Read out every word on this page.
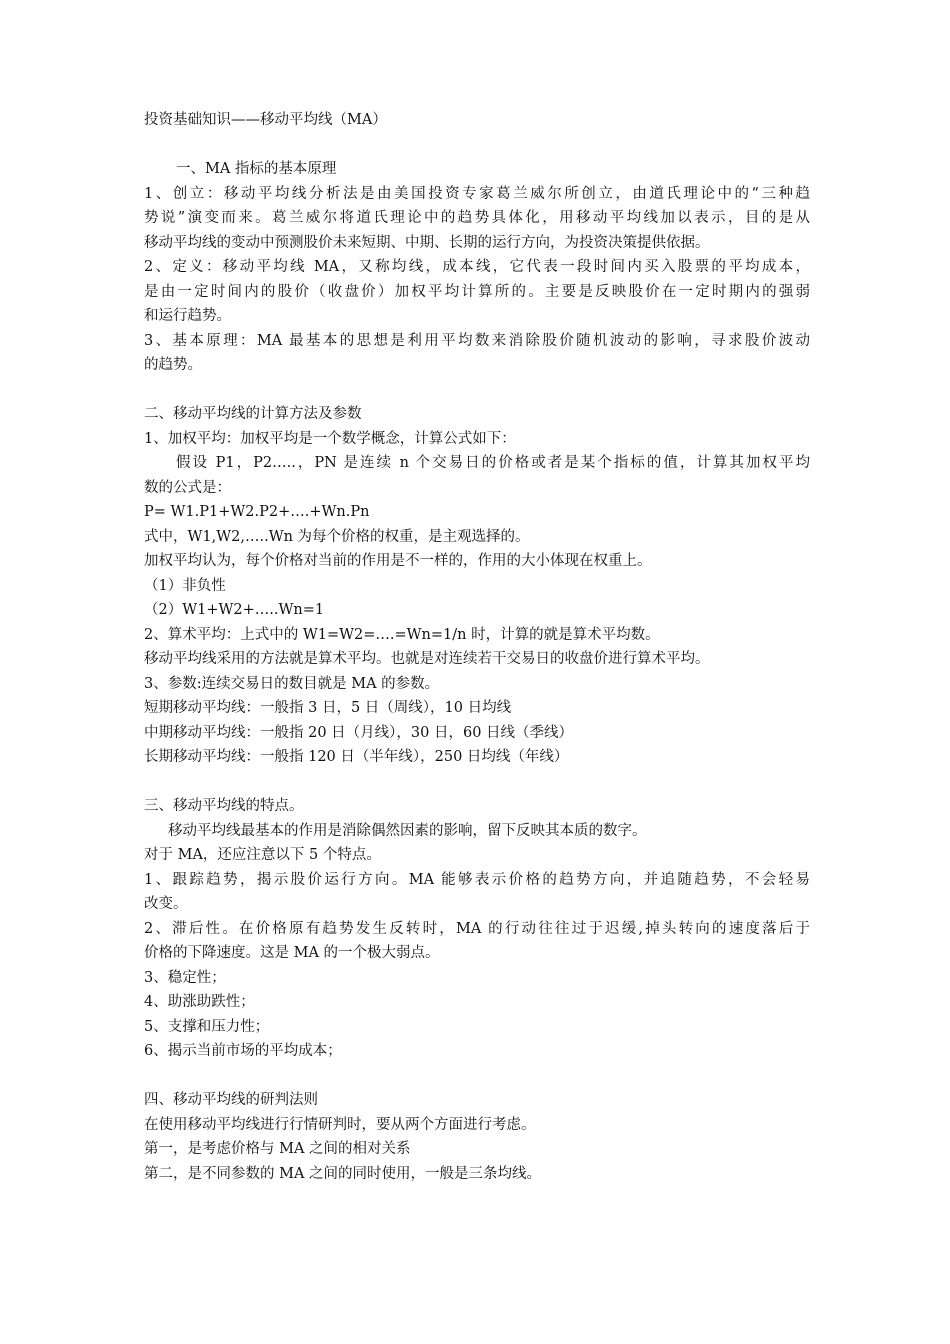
投资基础知识——移动平均线（MA）
一、MA 指标的基本原理
1、创立：移动平均线分析法是由美国投资专家葛兰威尔所创立，由道氏理论中的“三种趋
势说”演变而来。葛兰威尔将道氏理论中的趋势具体化，用移动平均线加以表示，目的是从
移动平均线的变动中预测股价未来短期、中期、长期的运行方向，为投资决策提供依据。
2、定义：移动平均线 MA，又称均线，成本线，它代表一段时间内买入股票的平均成本，
是由一定时间内的股价（收盘价）加权平均计算所的。主要是反映股价在一定时期内的强弱
和运行趋势。
3、基本原理：MA 最基本的思想是利用平均数来消除股价随机波动的影响，寻求股价波动
的趋势。
二、移动平均线的计算方法及参数
1、加权平均：加权平均是一个数学概念，计算公式如下：
假设 P1，P2…..，PN 是连续 n 个交易日的价格或者是某个指标的值，计算其加权平均
数的公式是：
P= W1.P1+W2.P2+….+Wn.Pn
式中，W1,W2,…..Wn 为每个价格的权重，是主观选择的。
加权平均认为，每个价格对当前的作用是不一样的，作用的大小体现在权重上。
（1）非负性
（2）W1+W2+…..Wn=1
2、算术平均：上式中的 W1=W2=….=Wn=1/n 时，计算的就是算术平均数。
移动平均线采用的方法就是算术平均。也就是对连续若干交易日的收盘价进行算术平均。
3、参数:连续交易日的数目就是 MA 的参数。
短期移动平均线：一般指 3 日，5 日（周线），10 日均线
中期移动平均线：一般指 20 日（月线），30 日，60 日线（季线）
长期移动平均线：一般指 120 日（半年线），250 日均线（年线）
三、移动平均线的特点。
移动平均线最基本的作用是消除偶然因素的影响，留下反映其本质的数字。
对于 MA，还应注意以下 5 个特点。
1、跟踪趋势，揭示股价运行方向。MA 能够表示价格的趋势方向，并追随趋势，不会轻易
改变。
2、滞后性。在价格原有趋势发生反转时，MA 的行动往往过于迟缓,掉头转向的速度落后于
价格的下降速度。这是 MA 的一个极大弱点。
3、稳定性；
4、助涨助跌性；
5、支撑和压力性；
6、揭示当前市场的平均成本；
四、移动平均线的研判法则
在使用移动平均线进行行情研判时，要从两个方面进行考虑。
第一，是考虑价格与 MA 之间的相对关系
第二，是不同参数的 MA 之间的同时使用，一般是三条均线。
